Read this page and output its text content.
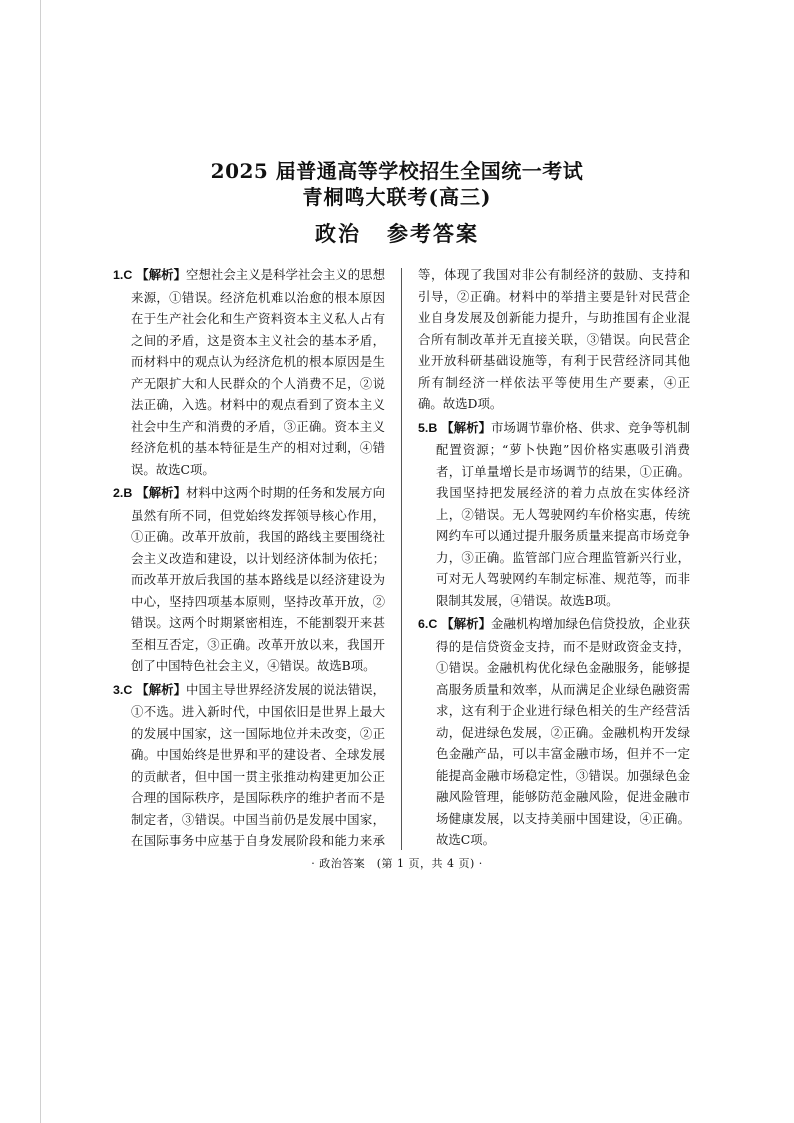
2025 届普通高等学校招生全国统一考试
青桐鸣大联考(高三)
政治 参考答案

1.C 【解析】空想社会主义是科学社会主义的思想来源，①错误。经济危机难以治愈的根本原因在于生产社会化和生产资料资本主义私人占有之间的矛盾，这是资本主义社会的基本矛盾，而材料中的观点认为经济危机的根本原因是生产无限扩大和人民群众的个人消费不足，②说法正确，入选。材料中的观点看到了资本主义社会中生产和消费的矛盾，③正确。资本主义经济危机的基本特征是生产的相对过剩，④错误。故选C项。

2.B 【解析】材料中这两个时期的任务和发展方向虽然有所不同，但党始终发挥领导核心作用，①正确。改革开放前，我国的路线主要围绕社会主义改造和建设，以计划经济体制为依托；而改革开放后我国的基本路线是以经济建设为中心，坚持四项基本原则，坚持改革开放，②错误。这两个时期紧密相连，不能割裂开来甚至相互否定，③正确。改革开放以来，我国开创了中国特色社会主义，④错误。故选B项。

3.C 【解析】中国主导世界经济发展的说法错误，①不选。进入新时代，中国依旧是世界上最大的发展中国家，这一国际地位并未改变，②正确。中国始终是世界和平的建设者、全球发展的贡献者，但中国一贯主张推动构建更加公正合理的国际秩序，是国际秩序的维护者而不是制定者，③错误。中国当前仍是发展中国家，在国际事务中应基于自身发展阶段和能力来承

等，体现了我国对非公有制经济的鼓励、支持和引导，②正确。材料中的举措主要是针对民营企业自身发展及创新能力提升，与助推国有企业混合所有制改革并无直接关联，③错误。向民营企业开放科研基础设施等，有利于民营经济同其他所有制经济一样依法平等使用生产要素，④正确。故选D项。

5.B 【解析】市场调节靠价格、供求、竞争等机制配置资源；“萝卜快跑”因价格实惠吸引消费者，订单量增长是市场调节的结果，①正确。我国坚持把发展经济的着力点放在实体经济上，②错误。无人驾驶网约车价格实惠，传统网约车可以通过提升服务质量来提高市场竞争力，③正确。监管部门应合理监管新兴行业，可对无人驾驶网约车制定标准、规范等，而非限制其发展，④错误。故选B项。

6.C 【解析】金融机构增加绿色信贷投放，企业获得的是信贷资金支持，而不是财政资金支持，①错误。金融机构优化绿色金融服务，能够提高服务质量和效率，从而满足企业绿色融资需求，这有利于企业进行绿色相关的生产经营活动，促进绿色发展，②正确。金融机构开发绿色金融产品，可以丰富金融市场，但并不一定能提高金融市场稳定性，③错误。加强绿色金融风险管理，能够防范金融风险，促进金融市场健康发展，以支持美丽中国建设，④正确。故选C项。

· 政治答案　(第 1 页，共 4 页) ·
